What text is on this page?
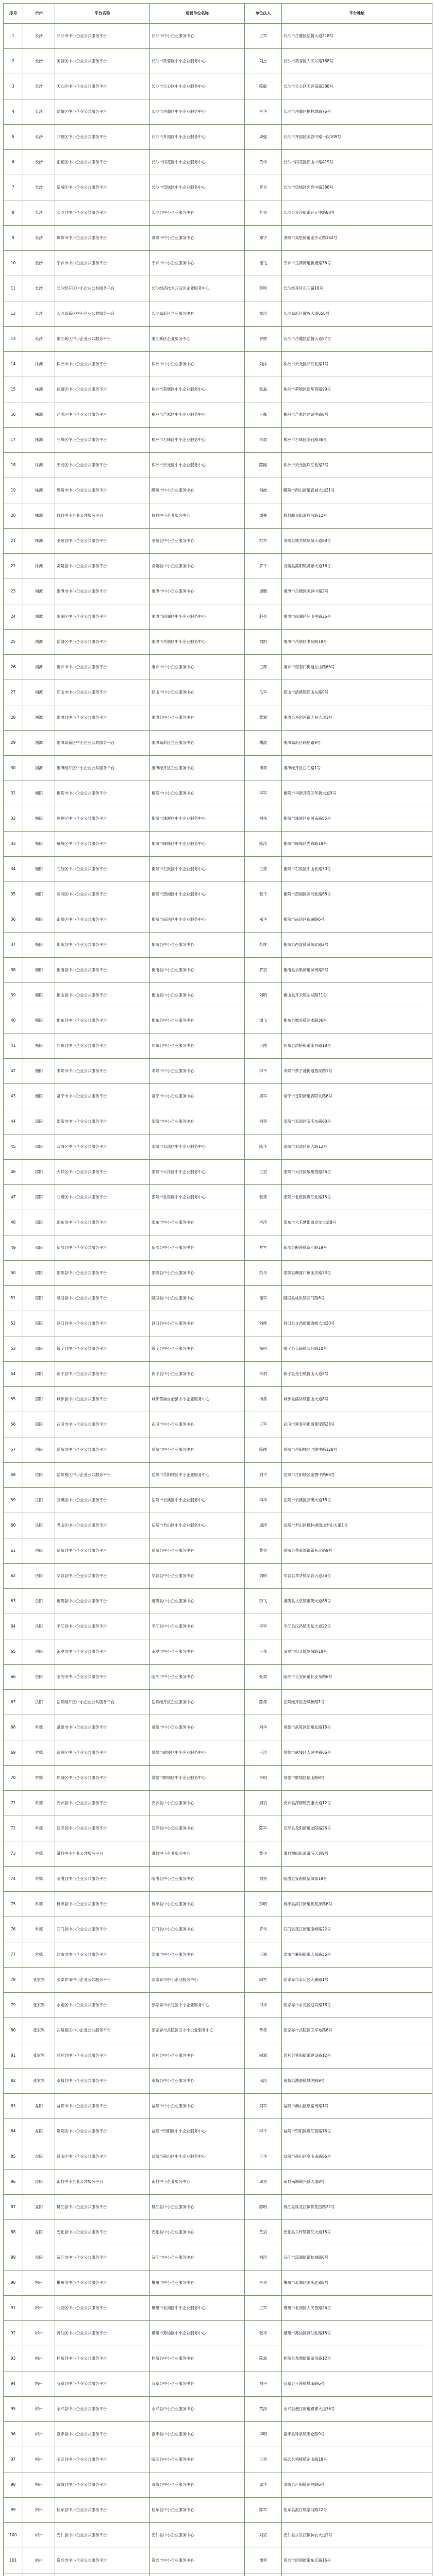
序号	市州	平台名称	运营单位名称	单位法人	平台地址
1	长沙	长沙市中小企业公共服务平台	长沙市中小企业服务中心	王军	长沙市岳麓区岳麓大道218号
2	长沙	芙蓉区中小企业公共服务平台	长沙市芙蓉区中小企业服务中心	刘杰	长沙市芙蓉区人民东路168号
3	长沙	天心区中小企业公共服务平台	长沙市天心区中小企业服务中心	陈敏	长沙市天心区芙蓉南路388号
4	长沙	岳麓区中小企业公共服务平台	长沙市岳麓区中小企业服务中心	李华	长沙市岳麓区桐梓坡路76号
5	长沙	开福区中小企业公共服务平台	长沙市开福区中小企业服务中心	周强	长沙市开福区芙蓉中路一段109号
6	长沙	雨花区中小企业公共服务平台	长沙市雨花区中小企业服务中心	黄伟	长沙市雨花区韶山中路419号
7	长沙	望城区中小企业公共服务平台	长沙市望城区中小企业服务中心	罗兵	长沙市望城区郭亮中路388号
8	长沙	长沙县中小企业公共服务平台	长沙县中小企业服务中心	彭勇	长沙县星沙街道开元中路88号
9	长沙	浏阳市中小企业公共服务平台	浏阳市中小企业服务中心	邓宇	浏阳市集里街道金沙北路162号
10	长沙	宁乡市中小企业公共服务平台	宁乡市中小企业服务中心	谢飞	宁乡市玉潭街道新康路36号
11	长沙	长沙经开区中小企业公共服务平台	长沙经济技术开发区企业服务中心	蒋明	长沙经开区东三路18号
12	长沙	长沙高新区中小企业公共服务平台	长沙高新区企业服务中心	龙涛	长沙高新区麓谷大道658号
13	长沙	湘江新区中小企业公共服务平台	湘江新区企业服务中心	曾辉	长沙市岳麓区岳麓大道57号
14	株洲	株洲市中小企业公共服务平台	株洲市中小企业服务中心	刘洋	株洲市天元区长江北路1号
15	株洲	荷塘区中小企业公共服务平台	株洲市荷塘区中小企业服务中心	张磊	株洲市荷塘区新华西路99号
16	株洲	芦淞区中小企业公共服务平台	株洲市芦淞区中小企业服务中心	王峰	株洲市芦淞区建设中路8号
17	株洲	石峰区中小企业公共服务平台	株洲市石峰区中小企业服务中心	李斌	株洲市石峰区响石路36号
18	株洲	天元区中小企业公共服务平台	株洲市天元区中小企业服务中心	陈刚	株洲市天元区珠江北路3号
19	株洲	醴陵市中小企业公共服务平台	醴陵市中小企业服务中心	刘波	醴陵市西山街道瓷城大道21号
20	株洲	攸县中小企业公共服务平台	攸县中小企业服务中心	谭林	攸县联星街道府前路12号
21	株洲	茶陵县中小企业公共服务平台	茶陵县中小企业服务中心	彭军	茶陵县城关镇犀城大道88号
22	株洲	炎陵县中小企业公共服务平台	炎陵县中小企业服务中心	罗平	炎陵县霞阳镇炎帝大道16号
23	湘潭	湘潭市中小企业公共服务平台	湘潭市中小企业服务中心	周鹏	湘潭市岳塘区芙蓉中路2号
24	湘潭	雨湖区中小企业公共服务平台	湘潭市雨湖区中小企业服务中心	赵亮	湘潭市雨湖区韶山中路36号
25	湘潭	岳塘区中小企业公共服务平台	湘潭市岳塘区中小企业服务中心	刘凯	湘潭市岳塘区书院路18号
26	湘潭	湘乡市中小企业公共服务平台	湘乡市中小企业服务中心	王辉	湘乡市望春门街道东山路66号
27	湘潭	韶山市中小企业公共服务平台	韶山市中小企业服务中心	毛军	韶山市清溪镇韶山东路9号
28	湘潭	湘潭县中小企业公共服务平台	湘潭县中小企业服务中心	黄斌	湘潭县易俗河镇天易大道1号
29	湘潭	湘潭高新区中小企业公共服务平台	湘潭高新区企业服务中心	胡波	湘潭高新区晓塘路9号
30	湘潭	湘潭经开区中小企业公共服务平台	湘潭经开区企业服务中心	谭勇	湘潭经开区白石路1号
31	衡阳	衡阳市中小企业公共服务平台	衡阳市中小企业服务中心	李军	衡阳市华新开发区华新大道9号
32	衡阳	珠晖区中小企业公共服务平台	衡阳市珠晖区中小企业服务中心	刘伟	衡阳市珠晖区东风南路85号
33	衡阳	雁峰区中小企业公共服务平台	衡阳市雁峰区中小企业服务中心	陈涛	衡阳市雁峰区先锋路18号
34	衡阳	石鼓区中小企业公共服务平台	衡阳市石鼓区中小企业服务中心	王勇	衡阳市石鼓区中山北路30号
35	衡阳	蒸湘区中小企业公共服务平台	衡阳市蒸湘区中小企业服务中心	张平	衡阳市蒸湘区蒸湘北路68号
36	衡阳	南岳区中小企业公共服务平台	衡阳市南岳区中小企业服务中心	邓华	衡阳市南岳区祝融路6号
37	衡阳	衡阳县中小企业公共服务平台	衡阳县中小企业服务中心	彭辉	衡阳县西渡镇蒸阳北路2号
38	衡阳	衡南县中小企业公共服务平台	衡南县中小企业服务中心	罗斌	衡南县云集街道城南路9号
39	衡阳	衡山县中小企业公共服务平台	衡山县中小企业服务中心	刘明	衡山县开云镇东湖路11号
40	衡阳	衡东县中小企业公共服务平台	衡东县中小企业服务中心	谭飞	衡东县城关镇洣水路36号
41	衡阳	祁东县中小企业公共服务平台	祁东县中小企业服务中心	王刚	祁东县洪桥街道永昌路18号
42	衡阳	耒阳市中小企业公共服务平台	耒阳市中小企业服务中心	李平	耒阳市蔡子池街道西湖路1号
43	衡阳	常宁市中小企业公共服务平台	常宁市中小企业服务中心	周军	常宁市宜阳街道青阳北路6号
44	邵阳	邵阳市中小企业公共服务平台	邵阳市中小企业服务中心	刘勇	邵阳市双清区宝庆东路88号
45	邵阳	双清区中小企业公共服务平台	邵阳市双清区中小企业服务中心	陈华	邵阳市双清区东大路12号
46	邵阳	大祥区中小企业公共服务平台	邵阳市大祥区中小企业服务中心	王斌	邵阳市大祥区敏州西路26号
47	邵阳	北塔区中小企业公共服务平台	邵阳市北塔区中小企业服务中心	张勇	邵阳市北塔区资江北路15号
48	邵阳	邵东市中小企业公共服务平台	邵东市中小企业服务中心	李涛	邵东市大禾塘街道金龙大道8号
49	邵阳	新邵县中小企业公共服务平台	新邵县中小企业服务中心	罗军	新邵县酿溪镇资江路19号
50	邵阳	邵阳县中小企业公共服务平台	邵阳县中小企业服务中心	彭华	邵阳县塘渡口镇宝庆路33号
51	邵阳	隆回县中小企业公共服务平台	隆回县中小企业服务中心	谢军	隆回县桃洪镇花门路6号
52	邵阳	洞口县中小企业公共服务平台	洞口县中小企业服务中心	刘辉	洞口县文昌街道雪峰大道20号
53	邵阳	绥宁县中小企业公共服务平台	绥宁县中小企业服务中心	杨明	绥宁县长铺镇长征路10号
54	邵阳	新宁县中小企业公共服务平台	新宁县中小企业服务中心	李斌	新宁县金石镇崀山大道5号
55	邵阳	城步县中小企业公共服务平台	城步苗族自治县中小企业服务中心	杨勇	城步县儒林镇南山大道8号
56	邵阳	武冈市中小企业公共服务平台	武冈市中小企业服务中心	王军	武冈市迎春亭街道都梁路28号
57	岳阳	岳阳市中小企业公共服务平台	岳阳市中小企业服务中心	陈刚	岳阳市岳阳楼区巴陵中路128号
58	岳阳	岳阳楼区中小企业公共服务平台	岳阳市岳阳楼区中小企业服务中心	刘平	岳阳市岳阳楼区金鹗中路66号
59	岳阳	云溪区中小企业公共服务平台	岳阳市云溪区中小企业服务中心	李华	岳阳市云溪区云溪大道18号
60	岳阳	君山区中小企业公共服务平台	岳阳市君山区中小企业服务中心	周涛	岳阳市君山区柳林洲街道君山大道1号
61	岳阳	岳阳县中小企业公共服务平台	岳阳县中小企业服务中心	黄勇	岳阳县荣家湾镇新开北路9号
62	岳阳	华容县中小企业公共服务平台	华容县中小企业服务中心	刘明	华容县章华镇华容大道36号
63	岳阳	湘阴县中小企业公共服务平台	湘阴县中小企业服务中心	彭飞	湘阴县文星镇湘阴大道88号
64	岳阳	平江县中小企业公共服务平台	平江县中小企业服务中心	李军	平江县汉昌镇天岳大道22号
65	岳阳	汨罗市中小企业公共服务平台	汨罗市中小企业服务中心	王伟	汨罗市归义镇罗城路18号
66	岳阳	临湘市中小企业公共服务平台	临湘市中小企业服务中心	张斌	临湘市长安街道长安东路6号
67	岳阳	岳阳经开区中小企业公共服务平台	岳阳经开区企业服务中心	陈勇	岳阳经开区金凤桥路1号
68	常德	常德市中小企业公共服务平台	常德市中小企业服务中心	刘华	常德市武陵区朗州北路18号
69	常德	武陵区中小企业公共服务平台	常德市武陵区中小企业服务中心	王涛	常德市武陵区人民中路66号
70	常德	鼎城区中小企业公共服务平台	常德市鼎城区中小企业服务中心	李明	常德市鼎城区德山路8号
71	常德	安乡县中小企业公共服务平台	安乡县中小企业服务中心	周斌	安乡县深柳镇安康大道12号
72	常德	汉寿县中小企业公共服务平台	汉寿县中小企业服务中心	陈军	汉寿县龙阳街道龙阳路26号
73	常德	澧县中小企业公共服务平台	澧县中小企业服务中心	黄平	澧县澧阳街道澧浦大道9号
74	常德	临澧县中小企业公共服务平台	临澧县中小企业服务中心	刘勇	临澧县安福镇望城街18号
75	常德	桃源县中小企业公共服务平台	桃源县中小企业服务中心	彭明	桃源县漳江街道桃花源路6号
76	常德	石门县中小企业公共服务平台	石门县中小企业服务中心	罗华	石门县楚江街道宝峰路22号
77	常德	津市市中小企业公共服务平台	津市市中小企业服务中心	王斌	津市市襄阳街道人民路36号
78	张家界	张家界市中小企业公共服务平台	张家界市中小企业服务中心	向军	张家界市永定区大庸路1号
79	张家界	永定区中小企业公共服务平台	张家界市永定区中小企业服务中心	田华	张家界市永定区迎宾路18号
80	张家界	武陵源区中小企业公共服务平台	张家界市武陵源区中小企业服务中心	覃勇	张家界市武陵源区军地路6号
81	张家界	慈利县中小企业公共服务平台	慈利县中小企业服务中心	向斌	慈利县零阳街道建设路12号
82	张家界	桑植县中小企业公共服务平台	桑植县中小企业服务中心	田涛	桑植县澧源镇城关路9号
83	益阳	益阳市中小企业公共服务平台	益阳市中小企业服务中心	刘军	益阳市赫山区康富南路1号
84	益阳	资阳区中小企业公共服务平台	益阳市资阳区中小企业服务中心	李平	益阳市资阳区资江西路16号
85	益阳	赫山区中小企业公共服务平台	益阳市赫山区中小企业服务中心	王华	益阳市赫山区金山南路66号
86	益阳	南县中小企业公共服务平台	南县中小企业服务中心	周勇	南县南洲镇兴盛大道8号
87	益阳	桃江县中小企业公共服务平台	桃江县中小企业服务中心	陈明	桃江县桃花江镇桃花西路22号
88	益阳	安化县中小企业公共服务平台	安化县中小企业服务中心	黄斌	安化县东坪镇资江大道18号
89	益阳	沅江市中小企业公共服务平台	沅江市中小企业服务中心	刘涛	沅江市琼湖街道桔城路6号
90	郴州	郴州市中小企业公共服务平台	郴州市中小企业服务中心	李勇	郴州市北湖区国庆北路8号
91	郴州	北湖区中小企业公共服务平台	郴州市北湖区中小企业服务中心	王军	郴州市北湖区人民西路26号
92	郴州	苏仙区中小企业公共服务平台	郴州市苏仙区中小企业服务中心	张华	郴州市苏仙区苏仙北路18号
93	郴州	桂阳县中小企业公共服务平台	桂阳县中小企业服务中心	陈斌	桂阳县龙潭街道蒙泉路12号
94	郴州	宜章县中小企业公共服务平台	宜章县中小企业服务中心	刘平	宜章县玉溪镇城南路6号
95	郴州	永兴县中小企业公共服务平台	永兴县中小企业服务中心	黄涛	永兴县便江街道银都大道36号
96	郴州	嘉禾县中小企业公共服务平台	嘉禾县中小企业服务中心	李明	嘉禾县珠泉镇禾仓路9号
97	郴州	临武县中小企业公共服务平台	临武县中小企业服务中心	王勇	临武县舜峰镇东山路18号
98	郴州	汝城县中小企业公共服务平台	汝城县中小企业服务中心	周华	汝城县卢阳镇东岭路6号
99	郴州	桂东县中小企业公共服务平台	桂东县中小企业服务中心	陈军	桂东县沤江镇寨前路22号
100	郴州	安仁县中小企业公共服务平台	安仁县中小企业服务中心	刘斌	安仁县永乐江镇神农大道1号
101	郴州	资兴市中小企业公共服务平台	资兴市中小企业服务中心	谭勇	资兴市唐洞街道东江路16号
